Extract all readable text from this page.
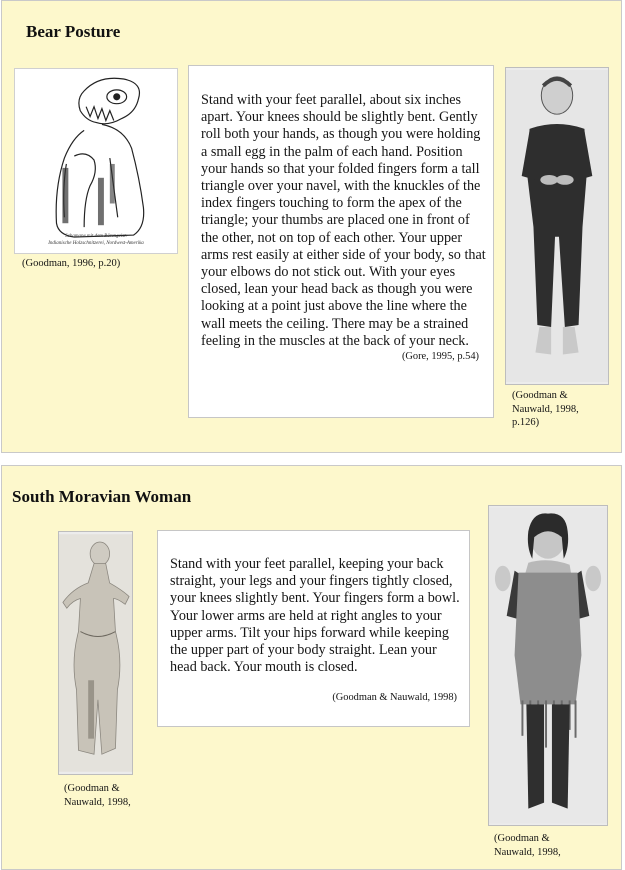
Bear Posture
Schamane mit dem Bärengeist.
Indianische Holzschnitzerei, Nordwest-Amerika
(Goodman, 1996, p.20)
Stand with your feet parallel, about six inches apart. Your knees should be slightly bent. Gently roll both your hands, as though you were holding a small egg in the palm of each hand. Position your hands so that your folded fingers form a tall triangle over your navel, with the knuckles of the index fingers touching to form the apex of the triangle; your thumbs are placed one in front of the other, not on top of each other. Your upper arms rest easily at either side of your body, so that your elbows do not stick out. With your eyes closed, lean your head back as though you were looking at a point just above the line where the wall meets the ceiling. There may be a strained feeling in the muscles at the back of your neck.
(Gore, 1995, p.54)
(Goodman &
Nauwald, 1998,
p.126)
South Moravian Woman
(Goodman &
Nauwald, 1998,
Stand with your feet parallel, keeping your back straight, your legs and your fingers tightly closed, your knees slightly bent. Your fingers form a bowl. Your lower arms are held at right angles to your upper arms. Tilt your hips forward while keeping the upper part of your body straight. Lean your head back. Your mouth is closed.
(Goodman & Nauwald, 1998)
(Goodman &
Nauwald, 1998,
